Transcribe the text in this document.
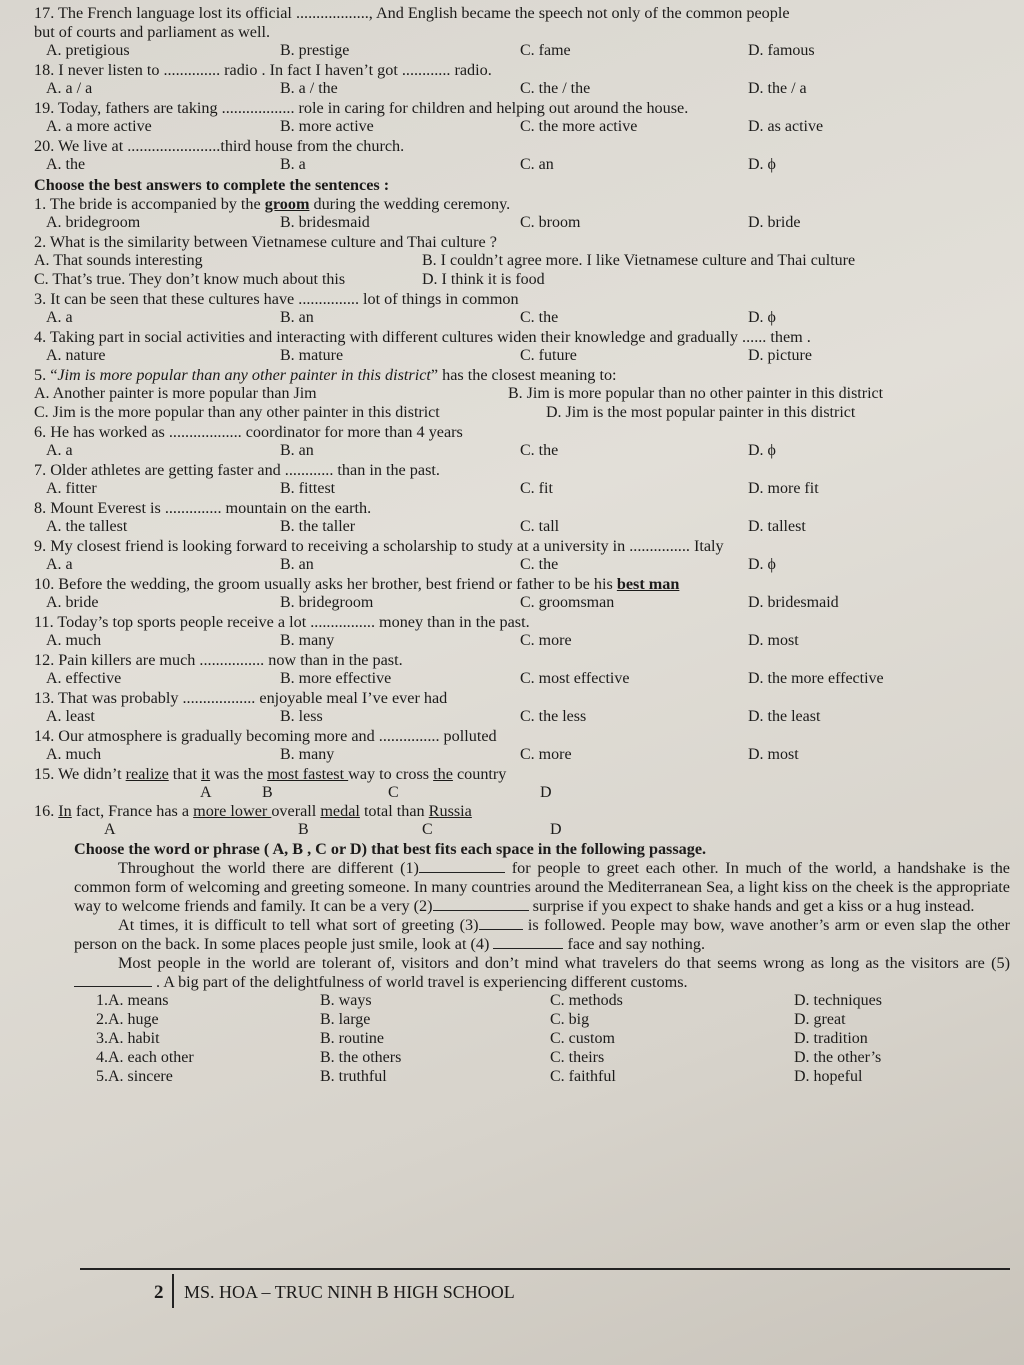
17. The French language lost its official .................., And English became the speech not only of the common people
but of courts and parliament as well.
A. pretigious	B. prestige	C. fame	D. famous
18. I never listen to .............. radio . In fact I haven’t got ............ radio.
A. a / a	B. a / the	C. the / the	D. the / a
19. Today, fathers are taking .................. role in caring for children and helping out around the house.
A. a more active	B. more active	C. the more active	D. as active
20. We live at .......................third house from the church.
A. the	B. a	C. an	D. ϕ
Choose the best answers to complete the sentences :
1. The bride is accompanied by the groom during the wedding ceremony.
A. bridegroom	B. bridesmaid	C. broom	D. bride
2. What is the similarity between Vietnamese culture and Thai culture ?
A. That sounds interesting	B. I couldn’t agree more. I like Vietnamese culture and Thai culture
C. That’s true. They don’t know much about this	D. I think it is food
3. It can be seen that these cultures have ............... lot of things in common
A. a	B. an	C. the	D. ϕ
4. Taking part in social activities and interacting with different cultures widen their knowledge and gradually ...... them .
A. nature	B. mature	C. future	D. picture
5. “Jim is more popular than any other painter in this district” has the closest meaning to:
A. Another painter is more popular than Jim	B. Jim is more popular than no other painter in this district
C. Jim is the more popular than any other painter in this district	D. Jim is the most popular painter in this district
6. He has worked as .................. coordinator for more than 4 years
A. a	B. an	C. the	D. ϕ
7. Older athletes are getting faster and ............ than in the past.
A. fitter	B. fittest	C. fit	D. more fit
8. Mount Everest is .............. mountain on the earth.
A. the tallest	B. the taller	C. tall	D. tallest
9. My closest friend is looking forward to receiving a scholarship to study at a university in ............... Italy
A. a	B. an	C. the	D. ϕ
10. Before the wedding, the groom usually asks her brother, best friend or father to be his best man
A. bride	B. bridegroom	C. groomsman	D. bridesmaid
11. Today’s top sports people receive a lot ................ money than in the past.
A. much	B. many	C. more	D. most
12. Pain killers are much ................ now than in the past.
A. effective	B. more effective	C. most effective	D. the more effective
13. That was probably .................. enjoyable meal I’ve ever had
A. least	B. less	C. the less	D. the least
14. Our atmosphere is gradually becoming more and ............... polluted
A. much	B. many	C. more	D. most
15. We didn’t realize that it was the most fastest way to cross the country
A	B	C	D
16. In fact, France has a more lower overall medal total than Russia
A	B	C	D
Choose the word or phrase ( A, B , C or D) that best fits each space in the following passage.

Throughout the world there are different (1)	for people to greet each other. In much of the world, a handshake is the common form of welcoming and greeting someone. In many countries around the Mediterranean Sea, a light kiss on the cheek is the appropriate way to welcome friends and family. It can be a very (2)	surprise if you expect to shake hands and get a kiss or a hug instead.

At times, it is difficult to tell what sort of greeting (3)	is followed. People may bow, wave another’s arm or even slap the other person on the back. In some places people just smile, look at (4)	face and say nothing.

Most people in the world are tolerant of, visitors and don’t mind what travelers do that seems wrong as long as the visitors are (5)  . A big part of the delightfulness of world travel is experiencing different customs.

1.A. means	B. ways	C. methods	D. techniques
2.A. huge	B. large	C. big	D. great
3.A. habit	B. routine	C. custom	D. tradition
4.A. each other	B. the others	C. theirs	D. the other’s
5.A. sincere	B. truthful	C. faithful	D. hopeful
2 MS. HOA – TRUC NINH B HIGH SCHOOL
